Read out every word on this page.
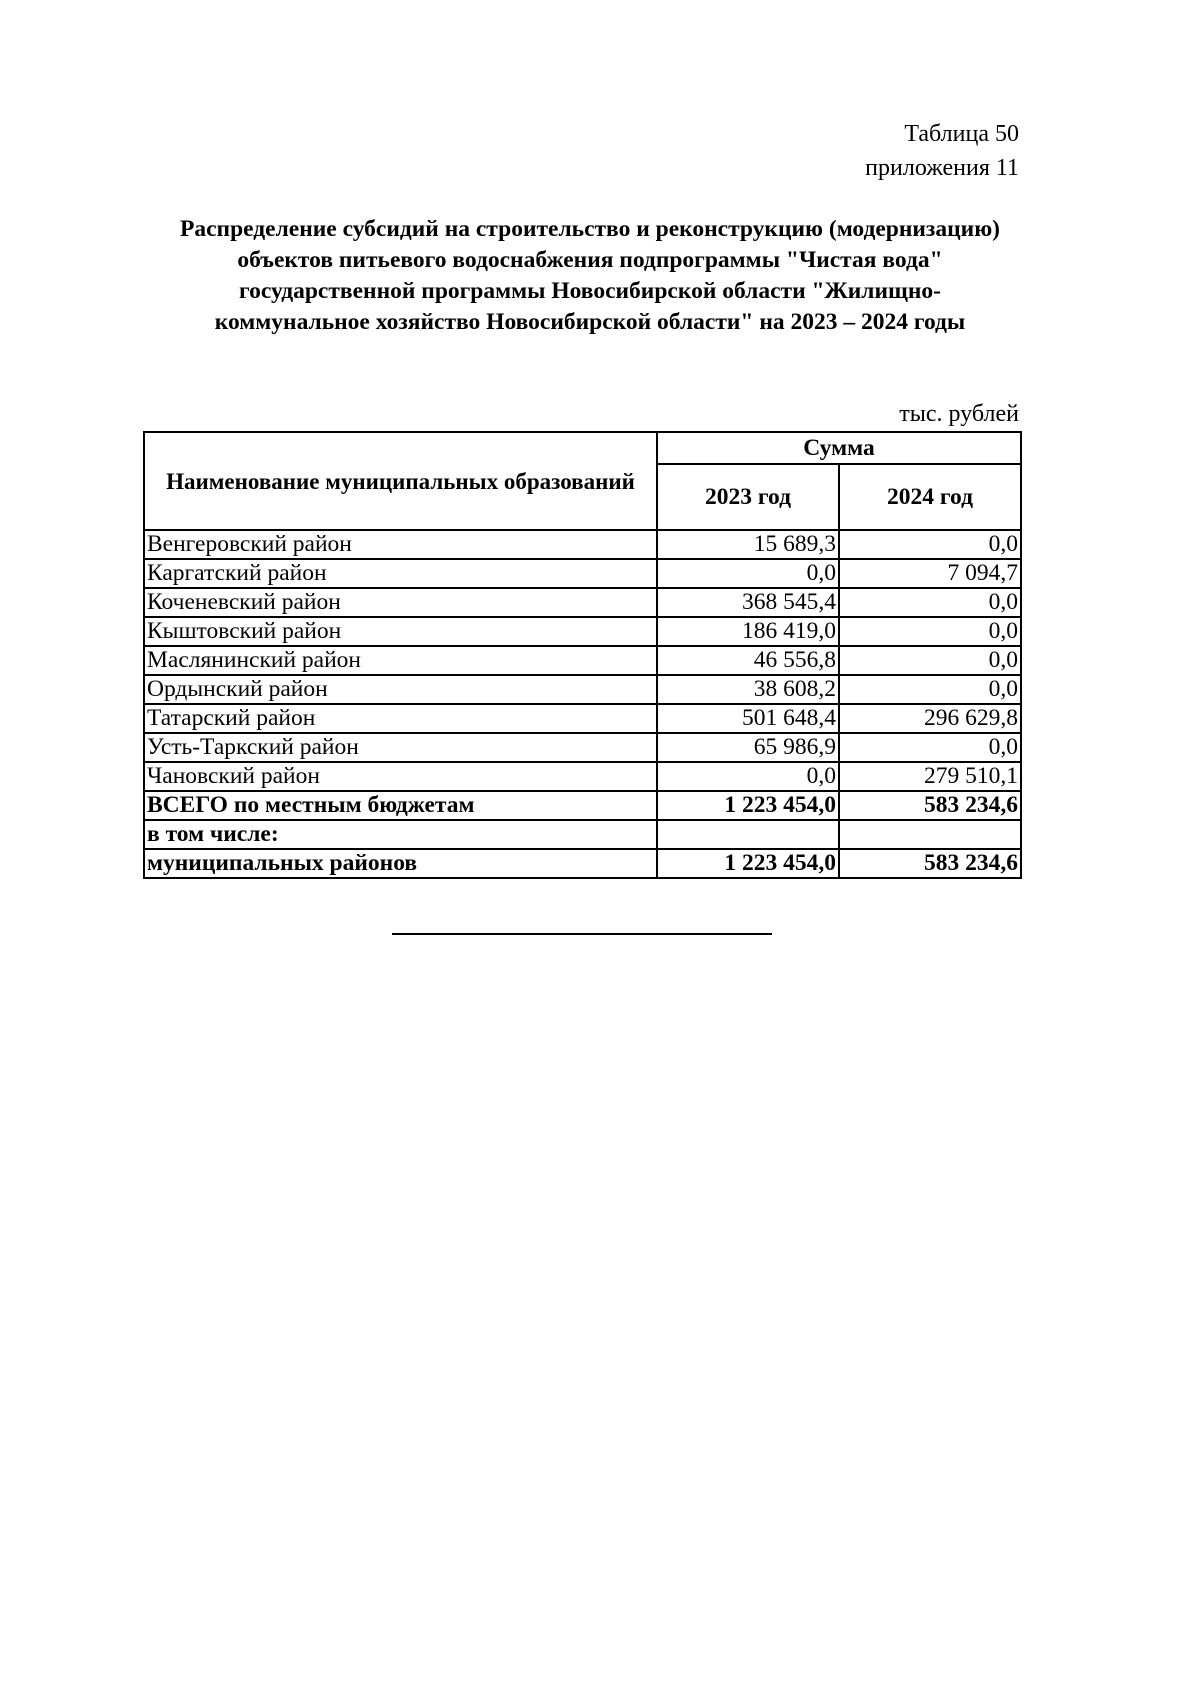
Таблица 50
приложения 11
Распределение субсидий на строительство и реконструкцию (модернизацию)
объектов питьевого водоснабжения подпрограммы "Чистая вода"
государственной программы Новосибирской области "Жилищно-
коммунальное хозяйство Новосибирской области" на 2023 – 2024 годы
тыс. рублей
Наименование муниципальных образований	Сумма	
	2023 год	2024 год
Венгеровский район	15 689,3	0,0
Каргатский район	0,0	7 094,7
Коченевский район	368 545,4	0,0
Кыштовский район	186 419,0	0,0
Маслянинский район	46 556,8	0,0
Ордынский район	38 608,2	0,0
Татарский район	501 648,4	296 629,8
Усть-Таркский район	65 986,9	0,0
Чановский район	0,0	279 510,1
ВСЕГО по местным бюджетам	1 223 454,0	583 234,6
в том числе:		
муниципальных районов	1 223 454,0	583 234,6
